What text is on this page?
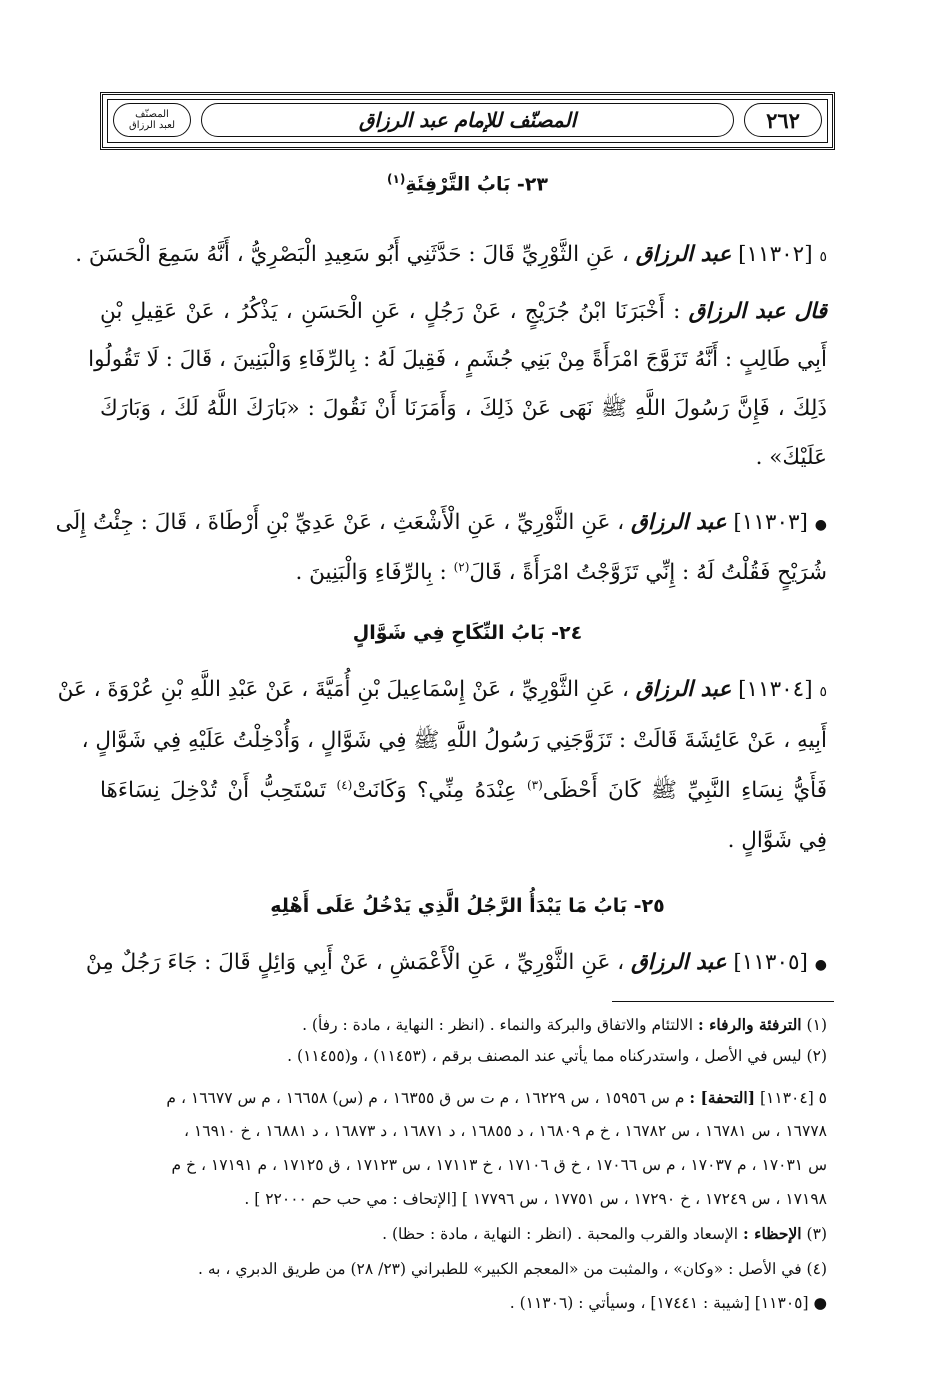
٢٦٢
المصنّف للإمام عبد الرزاق
المصنّف
لعبد الرزاق
٢٣- بَابُ التَّرْفِئَةِ$^{(١)}$
٥ [١١٣٠٢] عبد الرزاق ، عَنِ الثَّوْرِيِّ قَالَ : حَدَّثَنِي أَبُو سَعِيدِ الْبَصْرِيُّ ، أَنَّهُ سَمِعَ الْحَسَنَ .
قال عبد الرزاق : أَخْبَرَنَا ابْنُ جُرَيْجٍ ، عَنْ رَجُلٍ ، عَنِ الْحَسَنِ ، يَذْكُرُ ، عَنْ عَقِيلِ بْنِ
أَبِي طَالِبٍ : أَنَّهُ تَزَوَّجَ امْرَأَةً مِنْ بَنِي جُشَمٍ ، فَقِيلَ لَهُ : بِالرِّفَاءِ وَالْبَنِينَ ، قَالَ : لَا تَقُولُوا
ذَلِكَ ، فَإِنَّ رَسُولَ اللَّهِ ﷺ نَهَى عَنْ ذَلِكَ ، وَأَمَرَنَا أَنْ نَقُولَ : «بَارَكَ اللَّهُ لَكَ ، وَبَارَكَ
عَلَيْكَ» .
● [١١٣٠٣] عبد الرزاق ، عَنِ الثَّوْرِيِّ ، عَنِ الْأَشْعَثِ ، عَنْ عَدِيِّ بْنِ أَرْطَاةَ ، قَالَ : جِئْتُ إِلَى
شُرَيْحٍ فَقُلْتُ لَهُ : إِنِّي تَزَوَّجْتُ امْرَأَةً ، قَالَ$^{(٢)}$ : بِالرِّفَاءِ وَالْبَنِينَ .
٢٤- بَابُ النِّكَاحِ فِي شَوَّالٍ
٥ [١١٣٠٤] عبد الرزاق ، عَنِ الثَّوْرِيِّ ، عَنْ إِسْمَاعِيلَ بْنِ أُمَيَّةَ ، عَنْ عَبْدِ اللَّهِ بْنِ عُرْوَةَ ، عَنْ
أَبِيهِ ، عَنْ عَائِشَةَ قَالَتْ : تَزَوَّجَنِي رَسُولُ اللَّهِ ﷺ فِي شَوَّالٍ ، وَأُدْخِلْتُ عَلَيْهِ فِي شَوَّالٍ ،
فَأَيُّ نِسَاءِ النَّبِيِّ ﷺ كَانَ أَحْظَى$^{(٣)}$ عِنْدَهُ مِنِّي؟ وَكَانَتْ$^{(٤)}$ تَسْتَحِبُّ أَنْ تُدْخِلَ نِسَاءَهَا
فِي شَوَّالٍ .
٢٥- بَابُ مَا يَبْدَأُ الرَّجُلُ الَّذِي يَدْخُلُ عَلَى أَهْلِهِ
● [١١٣٠٥] عبد الرزاق ، عَنِ الثَّوْرِيِّ ، عَنِ الْأَعْمَشِ ، عَنْ أَبِي وَائِلٍ قَالَ : جَاءَ رَجُلٌ مِنْ
(١) الترفئة والرفاء : الالتئام والاتفاق والبركة والنماء . (انظر : النهاية ، مادة : رفأ) .
(٢) ليس في الأصل ، واستدركناه مما يأتي عند المصنف برقم ، (١١٤٥٣) ، و(١١٤٥٥) .
٥ [١١٣٠٤] [التحفة] : م س ١٥٩٥٦ ، س ١٦٢٢٩ ، م ت س ق ١٦٣٥٥ ، م (س) ١٦٦٥٨ ، م س ١٦٦٧٧ ، م
١٦٧٧٨ ، س ١٦٧٨١ ، س ١٦٧٨٢ ، خ م ١٦٨٠٩ ، د ١٦٨٥٥ ، د ١٦٨٧١ ، د ١٦٨٧٣ ، د ١٦٨٨١ ، خ ١٦٩١٠ ،
س ١٧٠٣١ ، م ١٧٠٣٧ ، م س ١٧٠٦٦ ، خ ق ١٧١٠٦ ، خ ١٧١١٣ ، س ١٧١٢٣ ، ق ١٧١٢٥ ، م ١٧١٩١ ، خ م
١٧١٩٨ ، س ١٧٢٤٩ ، خ ١٧٢٩٠ ، س ١٧٧٥١ ، س ١٧٧٩٦ ] [الإتحاف : مي حب حم ٢٢٠٠٠ ] .
(٣) الإحظاء : الإسعاد والقرب والمحبة . (انظر : النهاية ، مادة : حظا) .
(٤) في الأصل : «وكان» ، والمثبت من «المعجم الكبير» للطبراني (٢٣/ ٢٨) من طريق الدبري ، به .
● [١١٣٠٥] [شيبة : ١٧٤٤١] ، وسيأتي : (١١٣٠٦) .
